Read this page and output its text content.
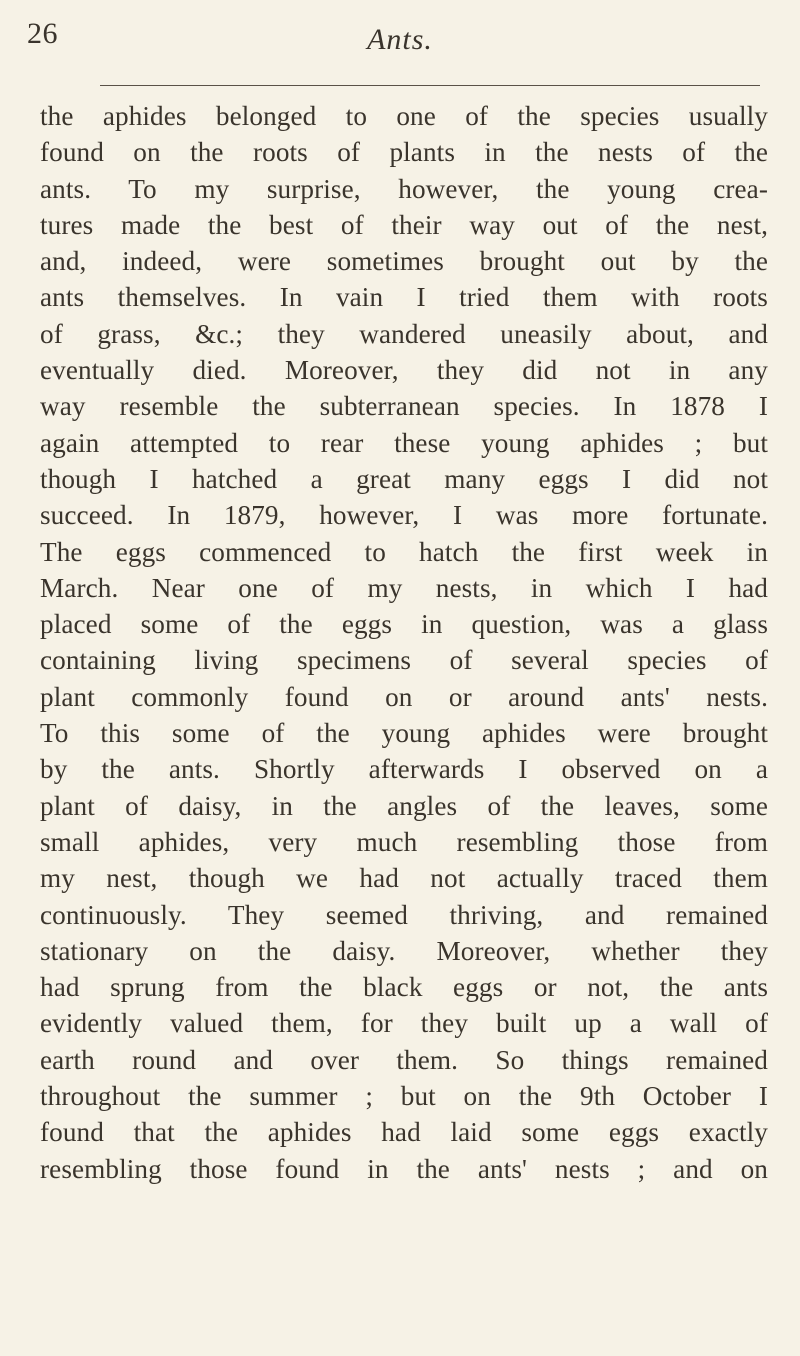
26	Ants.
the aphides belonged to one of the species usually
found on the roots of plants in the nests of the
ants. To my surprise, however, the young crea-
tures made the best of their way out of the nest,
and, indeed, were sometimes brought out by the
ants themselves. In vain I tried them with roots
of grass, &c.; they wandered uneasily about, and
eventually died. Moreover, they did not in any
way resemble the subterranean species. In 1878 I
again attempted to rear these young aphides ; but
though I hatched a great many eggs I did not
succeed. In 1879, however, I was more fortunate.
The eggs commenced to hatch the first week in
March. Near one of my nests, in which I had
placed some of the eggs in question, was a glass
containing living specimens of several species of
plant commonly found on or around ants' nests.
To this some of the young aphides were brought
by the ants. Shortly afterwards I observed on a
plant of daisy, in the angles of the leaves, some
small aphides, very much resembling those from
my nest, though we had not actually traced them
continuously. They seemed thriving, and remained
stationary on the daisy. Moreover, whether they
had sprung from the black eggs or not, the ants
evidently valued them, for they built up a wall of
earth round and over them. So things remained
throughout the summer ; but on the 9th October I
found that the aphides had laid some eggs exactly
resembling those found in the ants' nests ; and on
